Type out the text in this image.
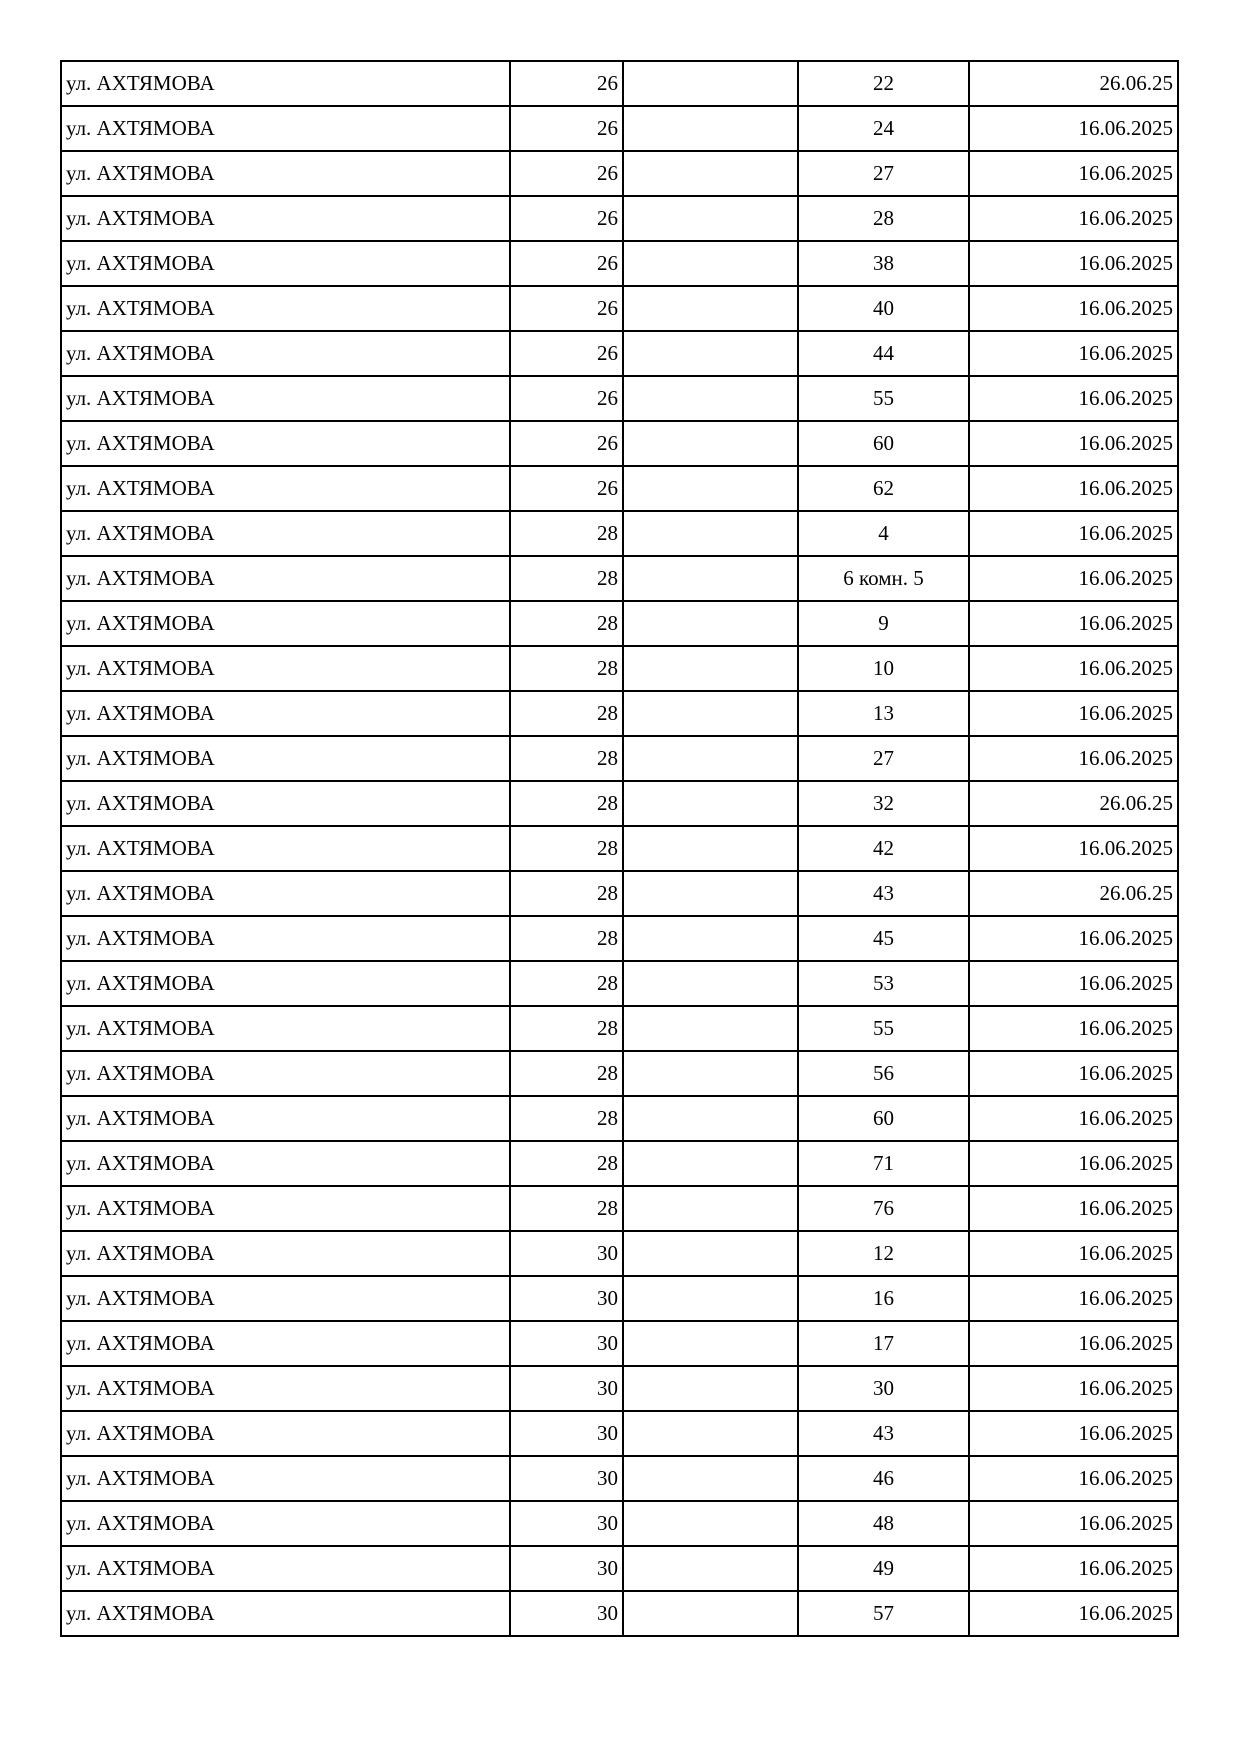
ул. АХТЯМОВА	26		22	26.06.25
ул. АХТЯМОВА	26		24	16.06.2025
ул. АХТЯМОВА	26		27	16.06.2025
ул. АХТЯМОВА	26		28	16.06.2025
ул. АХТЯМОВА	26		38	16.06.2025
ул. АХТЯМОВА	26		40	16.06.2025
ул. АХТЯМОВА	26		44	16.06.2025
ул. АХТЯМОВА	26		55	16.06.2025
ул. АХТЯМОВА	26		60	16.06.2025
ул. АХТЯМОВА	26		62	16.06.2025
ул. АХТЯМОВА	28		4	16.06.2025
ул. АХТЯМОВА	28		6 комн. 5	16.06.2025
ул. АХТЯМОВА	28		9	16.06.2025
ул. АХТЯМОВА	28		10	16.06.2025
ул. АХТЯМОВА	28		13	16.06.2025
ул. АХТЯМОВА	28		27	16.06.2025
ул. АХТЯМОВА	28		32	26.06.25
ул. АХТЯМОВА	28		42	16.06.2025
ул. АХТЯМОВА	28		43	26.06.25
ул. АХТЯМОВА	28		45	16.06.2025
ул. АХТЯМОВА	28		53	16.06.2025
ул. АХТЯМОВА	28		55	16.06.2025
ул. АХТЯМОВА	28		56	16.06.2025
ул. АХТЯМОВА	28		60	16.06.2025
ул. АХТЯМОВА	28		71	16.06.2025
ул. АХТЯМОВА	28		76	16.06.2025
ул. АХТЯМОВА	30		12	16.06.2025
ул. АХТЯМОВА	30		16	16.06.2025
ул. АХТЯМОВА	30		17	16.06.2025
ул. АХТЯМОВА	30		30	16.06.2025
ул. АХТЯМОВА	30		43	16.06.2025
ул. АХТЯМОВА	30		46	16.06.2025
ул. АХТЯМОВА	30		48	16.06.2025
ул. АХТЯМОВА	30		49	16.06.2025
ул. АХТЯМОВА	30		57	16.06.2025
